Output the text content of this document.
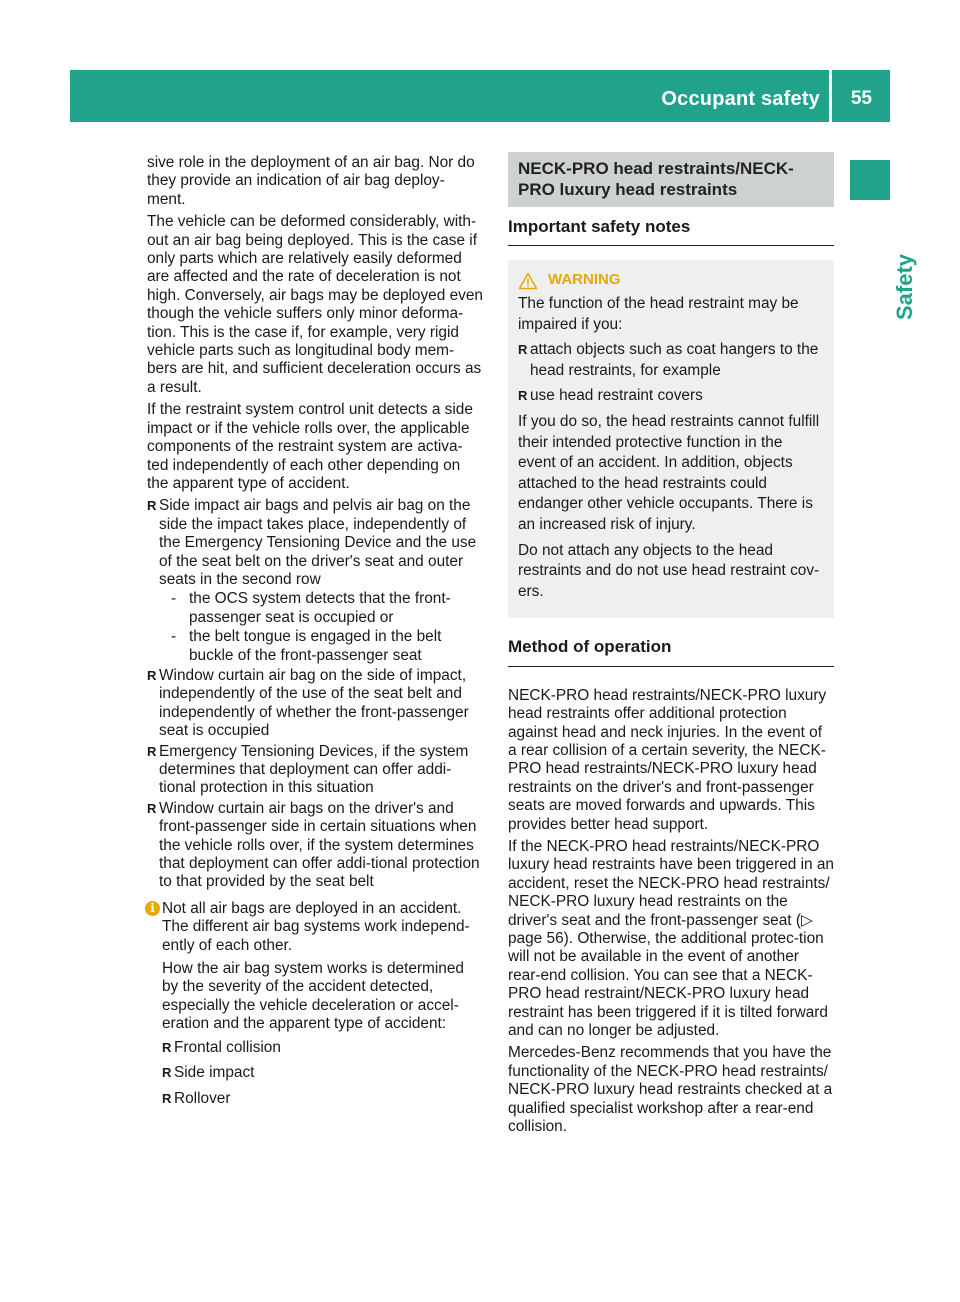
Occupant safety 55
Safety

sive role in the deployment of an air bag. Nor do they provide an indication of air bag deploy-ment.

The vehicle can be deformed considerably, with-out an air bag being deployed. This is the case if only parts which are relatively easily deformed are affected and the rate of deceleration is not high. Conversely, air bags may be deployed even though the vehicle suffers only minor deforma-tion. This is the case if, for example, very rigid vehicle parts such as longitudinal body mem-bers are hit, and sufficient deceleration occurs as a result.

If the restraint system control unit detects a side impact or if the vehicle rolls over, the applicable components of the restraint system are activa-ted independently of each other depending on the apparent type of accident.

R Side impact air bags and pelvis air bag on the side the impact takes place, independently of the Emergency Tensioning Device and the use of the seat belt on the driver's seat and outer seats in the second row
- the OCS system detects that the front-passenger seat is occupied or
- the belt tongue is engaged in the belt buckle of the front-passenger seat
R Window curtain air bag on the side of impact, independently of the use of the seat belt and independently of whether the front-passenger seat is occupied
R Emergency Tensioning Devices, if the system determines that deployment can offer addi-tional protection in this situation
R Window curtain air bags on the driver's and front-passenger side in certain situations when the vehicle rolls over, if the system determines that deployment can offer addi-tional protection to that provided by the seat belt
i Not all air bags are deployed in an accident. The different air bag systems work independ-ently of each other.

How the air bag system works is determined by the severity of the accident detected, especially the vehicle deceleration or accel-eration and the apparent type of accident:

R Frontal collision
R Side impact
R Rollover
NECK-PRO head restraints/NECK-PRO luxury head restraints
Important safety notes
WARNING

The function of the head restraint may be impaired if you:

R attach objects such as coat hangers to the head restraints, for example
R use head restraint covers

If you do so, the head restraints cannot fulfill their intended protective function in the event of an accident. In addition, objects attached to the head restraints could endanger other vehicle occupants. There is an increased risk of injury.

Do not attach any objects to the head restraints and do not use head restraint cov-ers.

Method of operation

NECK-PRO head restraints/NECK-PRO luxury head restraints offer additional protection against head and neck injuries. In the event of a rear collision of a certain severity, the NECK-PRO head restraints/NECK-PRO luxury head restraints on the driver's and front-passenger seats are moved forwards and upwards. This provides better head support.

If the NECK-PRO head restraints/NECK-PRO luxury head restraints have been triggered in an accident, reset the NECK-PRO head restraints/ NECK-PRO luxury head restraints on the driver's seat and the front-passenger seat (▷ page 56). Otherwise, the additional protec-tion will not be available in the event of another rear-end collision. You can see that a NECK-PRO head restraint/NECK-PRO luxury head restraint has been triggered if it is tilted forward and can no longer be adjusted.

Mercedes-Benz recommends that you have the functionality of the NECK-PRO head restraints/ NECK-PRO luxury head restraints checked at a qualified specialist workshop after a rear-end collision.
